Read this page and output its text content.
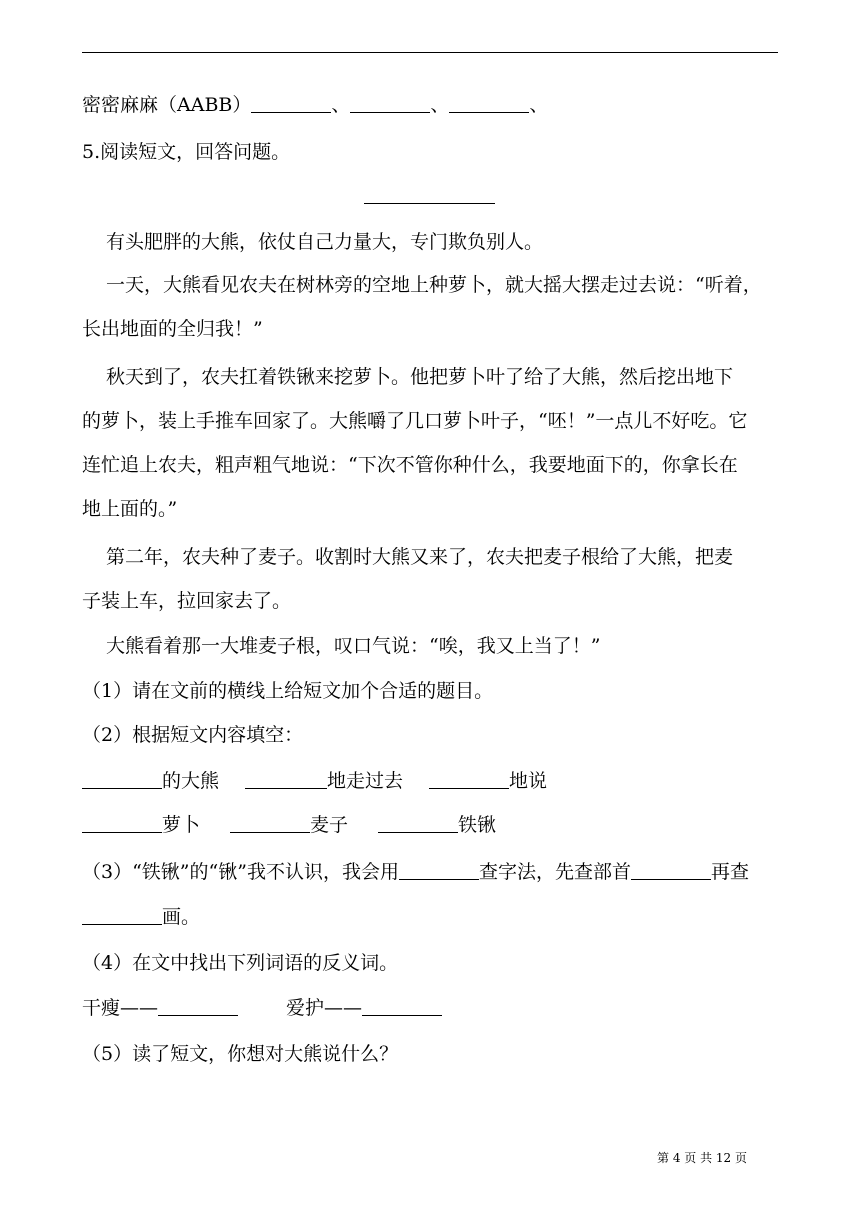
密密麻麻（AABB）	、	、	、
5.阅读短文，回答问题。
有头肥胖的大熊，依仗自己力量大，专门欺负别人。
一天，大熊看见农夫在树林旁的空地上种萝卜，就大摇大摆走过去说：“听着，
长出地面的全归我！”
秋天到了，农夫扛着铁锹来挖萝卜。他把萝卜叶了给了大熊，然后挖出地下
的萝卜，装上手推车回家了。大熊嚼了几口萝卜叶子，“呸！”一点儿不好吃。它
连忙追上农夫，粗声粗气地说：“下次不管你种什么，我要地面下的，你拿长在
地上面的。”
第二年，农夫种了麦子。收割时大熊又来了，农夫把麦子根给了大熊，把麦
子装上车，拉回家去了。
大熊看着那一大堆麦子根，叹口气说：“唉，我又上当了！”
（1）请在文前的横线上给短文加个合适的题目。
（2）根据短文内容填空：
的大熊	地走过去	地说
萝卜	麦子	铁锹
（3）“铁锹”的“锹”我不认识，我会用	查字法，先查部首	再查
画。
（4）在文中找出下列词语的反义词。
干瘦——	爱护——
（5）读了短文，你想对大熊说什么？
第 4 页 共 12 页
